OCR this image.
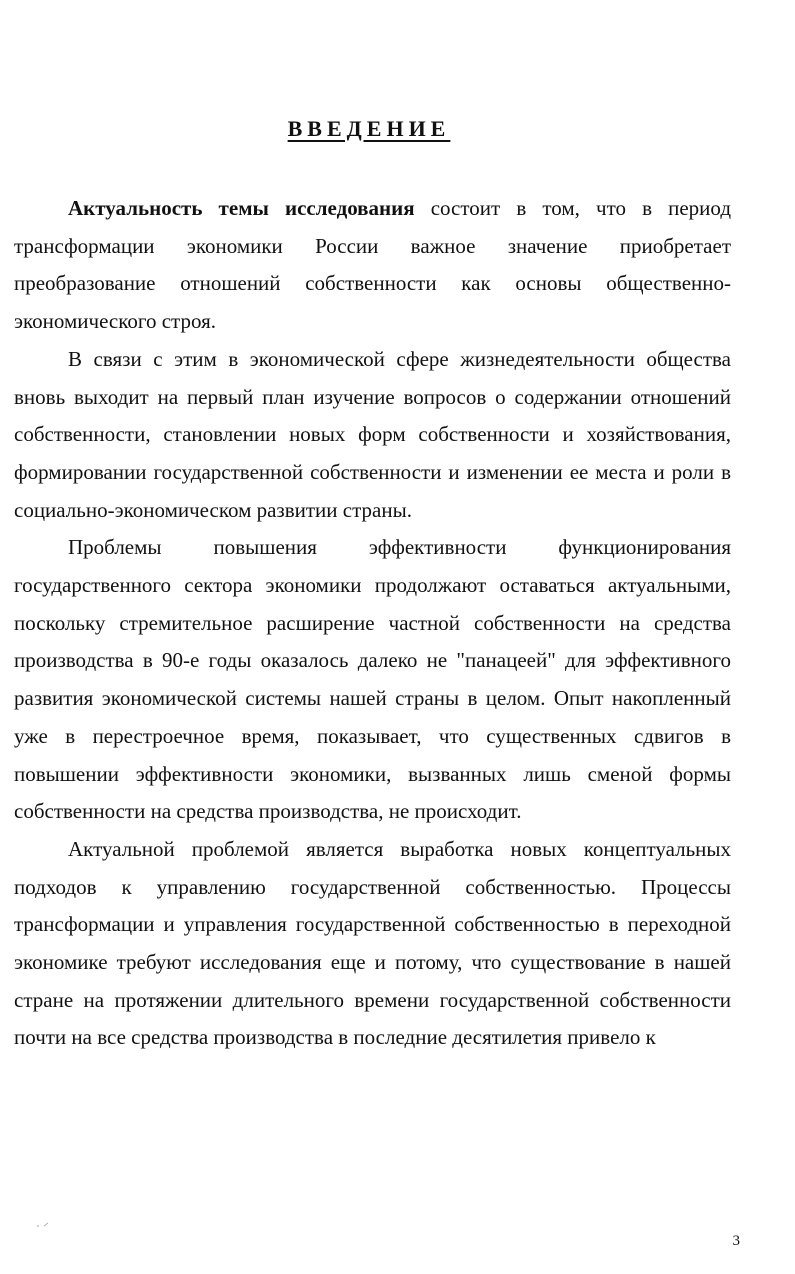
ВВЕДЕНИЕ

Актуальность темы исследования состоит в том, что в период трансформации экономики России важное значение приобретает преобразование отношений собственности как основы общественно-экономического строя.

В связи с этим в экономической сфере жизнедеятельности общества вновь выходит на первый план изучение вопросов о содержании отношений собственности, становлении новых форм собственности и хозяйствования, формировании государственной собственности и изменении ее места и роли в социально-экономическом развитии страны.

Проблемы повышения эффективности функционирования государственного сектора экономики продолжают оставаться актуальными, поскольку стремительное расширение частной собственности на средства производства в 90-е годы оказалось далеко не "панацеей" для эффективного развития экономической системы нашей страны в целом. Опыт накопленный уже в перестроечное время, показывает, что существенных сдвигов в повышении эффективности экономики, вызванных лишь сменой формы собственности на средства производства, не происходит.

Актуальной проблемой является выработка новых концептуальных подходов к управлению государственной собственностью. Процессы трансформации и управления государственной собственностью в переходной экономике требуют исследования еще и потому, что существование в нашей стране на протяжении длительного времени государственной собственности почти на все средства производства в последние десятилетия привело к

3
